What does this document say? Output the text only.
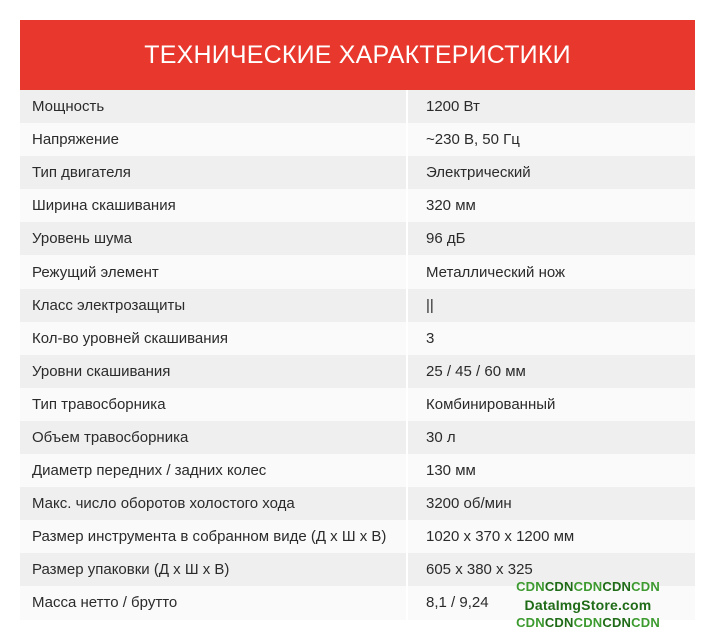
ТЕХНИЧЕСКИЕ ХАРАКТЕРИСТИКИ
Мощность	1200 Вт
Напряжение	~230 В, 50 Гц
Тип двигателя	Электрический
Ширина скашивания	320 мм
Уровень шума	96 дБ
Режущий элемент	Металлический нож
Класс электрозащиты	||
Кол-во уровней скашивания	3
Уровни скашивания	25 / 45 / 60 мм
Тип травосборника	Комбинированный
Объем травосборника	30 л
Диаметр передних / задних колес	130 мм
Макс. число оборотов холостого хода	3200 об/мин
Размер инструмента в собранном виде (Д х Ш х В)	1020 х 370 х 1200 мм
Размер упаковки (Д х Ш х В)	605 х 380 х 325
Масса нетто / брутто	8,1 / 9,24
CDNCDNCDNCDNCDN
DataImgStore.com
CDNCDNCDNCDNCDN
